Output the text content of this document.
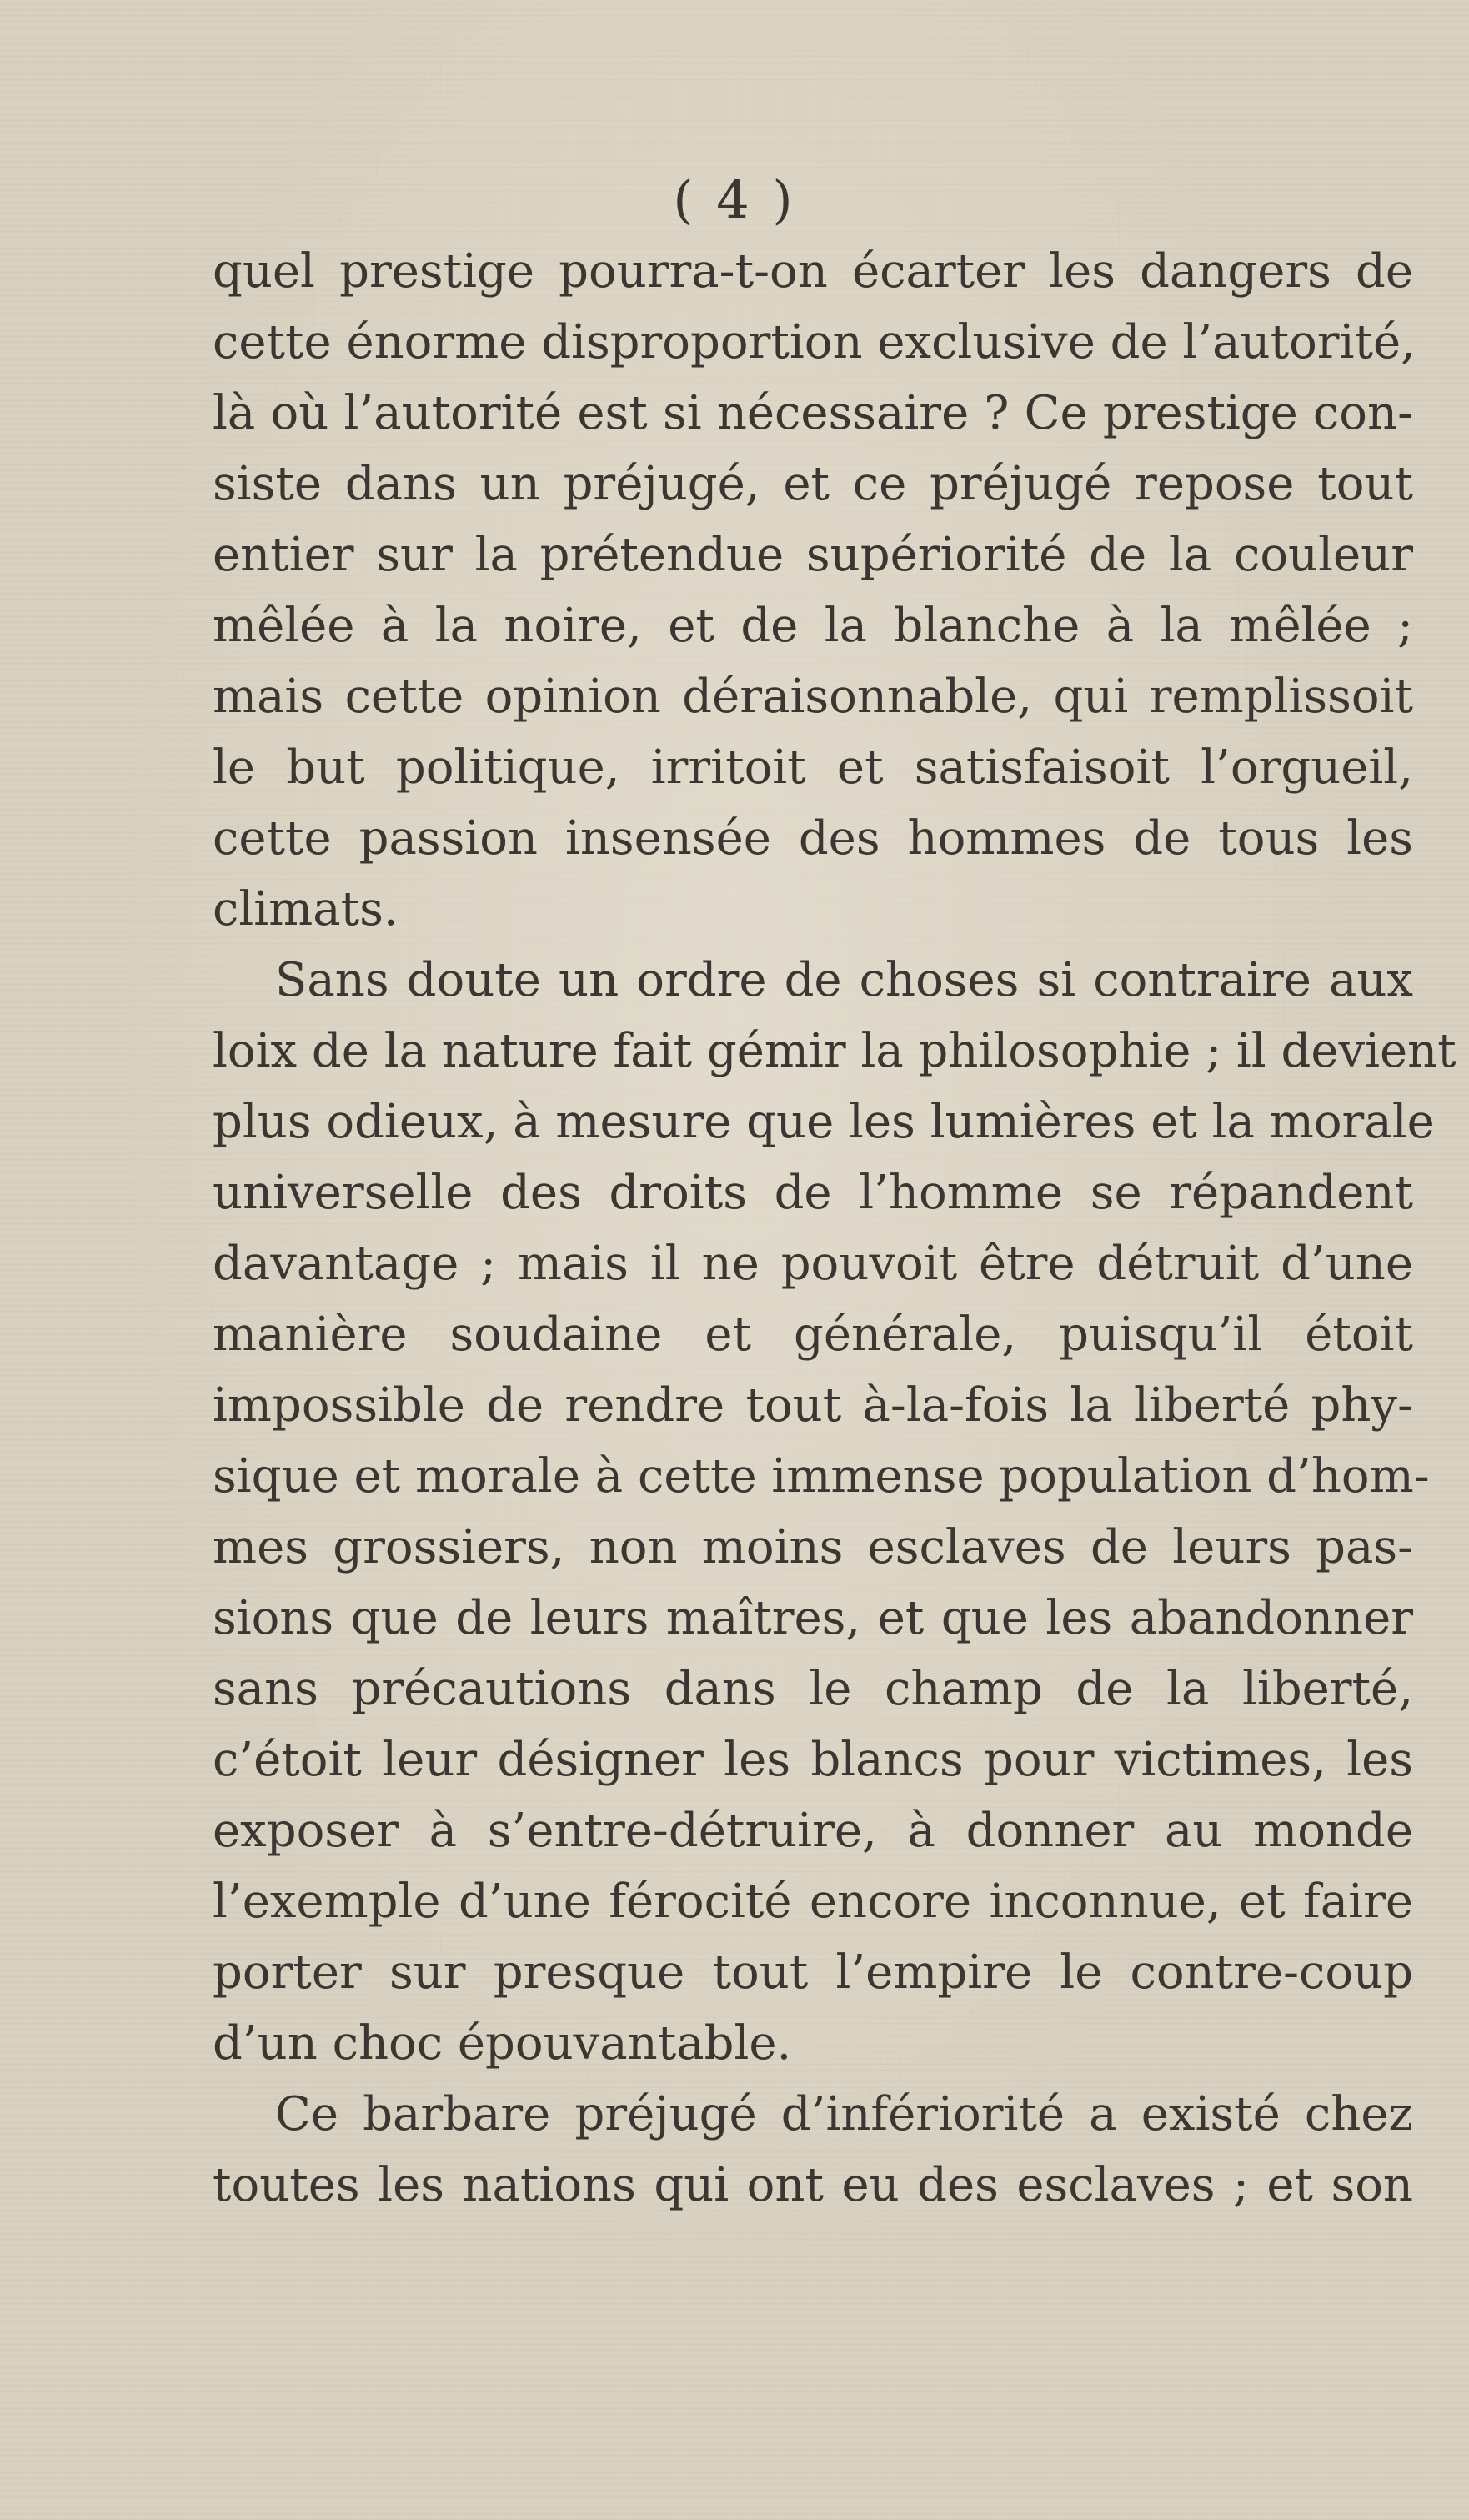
( 4 )
quel prestige pourra-t-on écarter les dangers de
cette énorme disproportion exclusive de l’autorité,
là où l’autorité est si nécessaire ? Ce prestige con-
siste dans un préjugé, et ce préjugé repose tout
entier sur la prétendue supériorité de la couleur
mêlée à la noire, et de la blanche à la mêlée ;
mais cette opinion déraisonnable, qui remplissoit
le but politique, irritoit et satisfaisoit l’orgueil,
cette passion insensée des hommes de tous les
climats.
Sans doute un ordre de choses si contraire aux
loix de la nature fait gémir la philosophie ; il devient
plus odieux, à mesure que les lumières et la morale
universelle des droits de l’homme se répandent
davantage ; mais il ne pouvoit être détruit d’une
manière soudaine et générale, puisqu’il étoit
impossible de rendre tout à-la-fois la liberté phy-
sique et morale à cette immense population d’hom-
mes grossiers, non moins esclaves de leurs pas-
sions que de leurs maîtres, et que les abandonner
sans précautions dans le champ de la liberté,
c’étoit leur désigner les blancs pour victimes, les
exposer à s’entre-détruire, à donner au monde
l’exemple d’une férocité encore inconnue, et faire
porter sur presque tout l’empire le contre-coup
d’un choc épouvantable.
Ce barbare préjugé d’infériorité a existé chez
toutes les nations qui ont eu des esclaves ; et son
